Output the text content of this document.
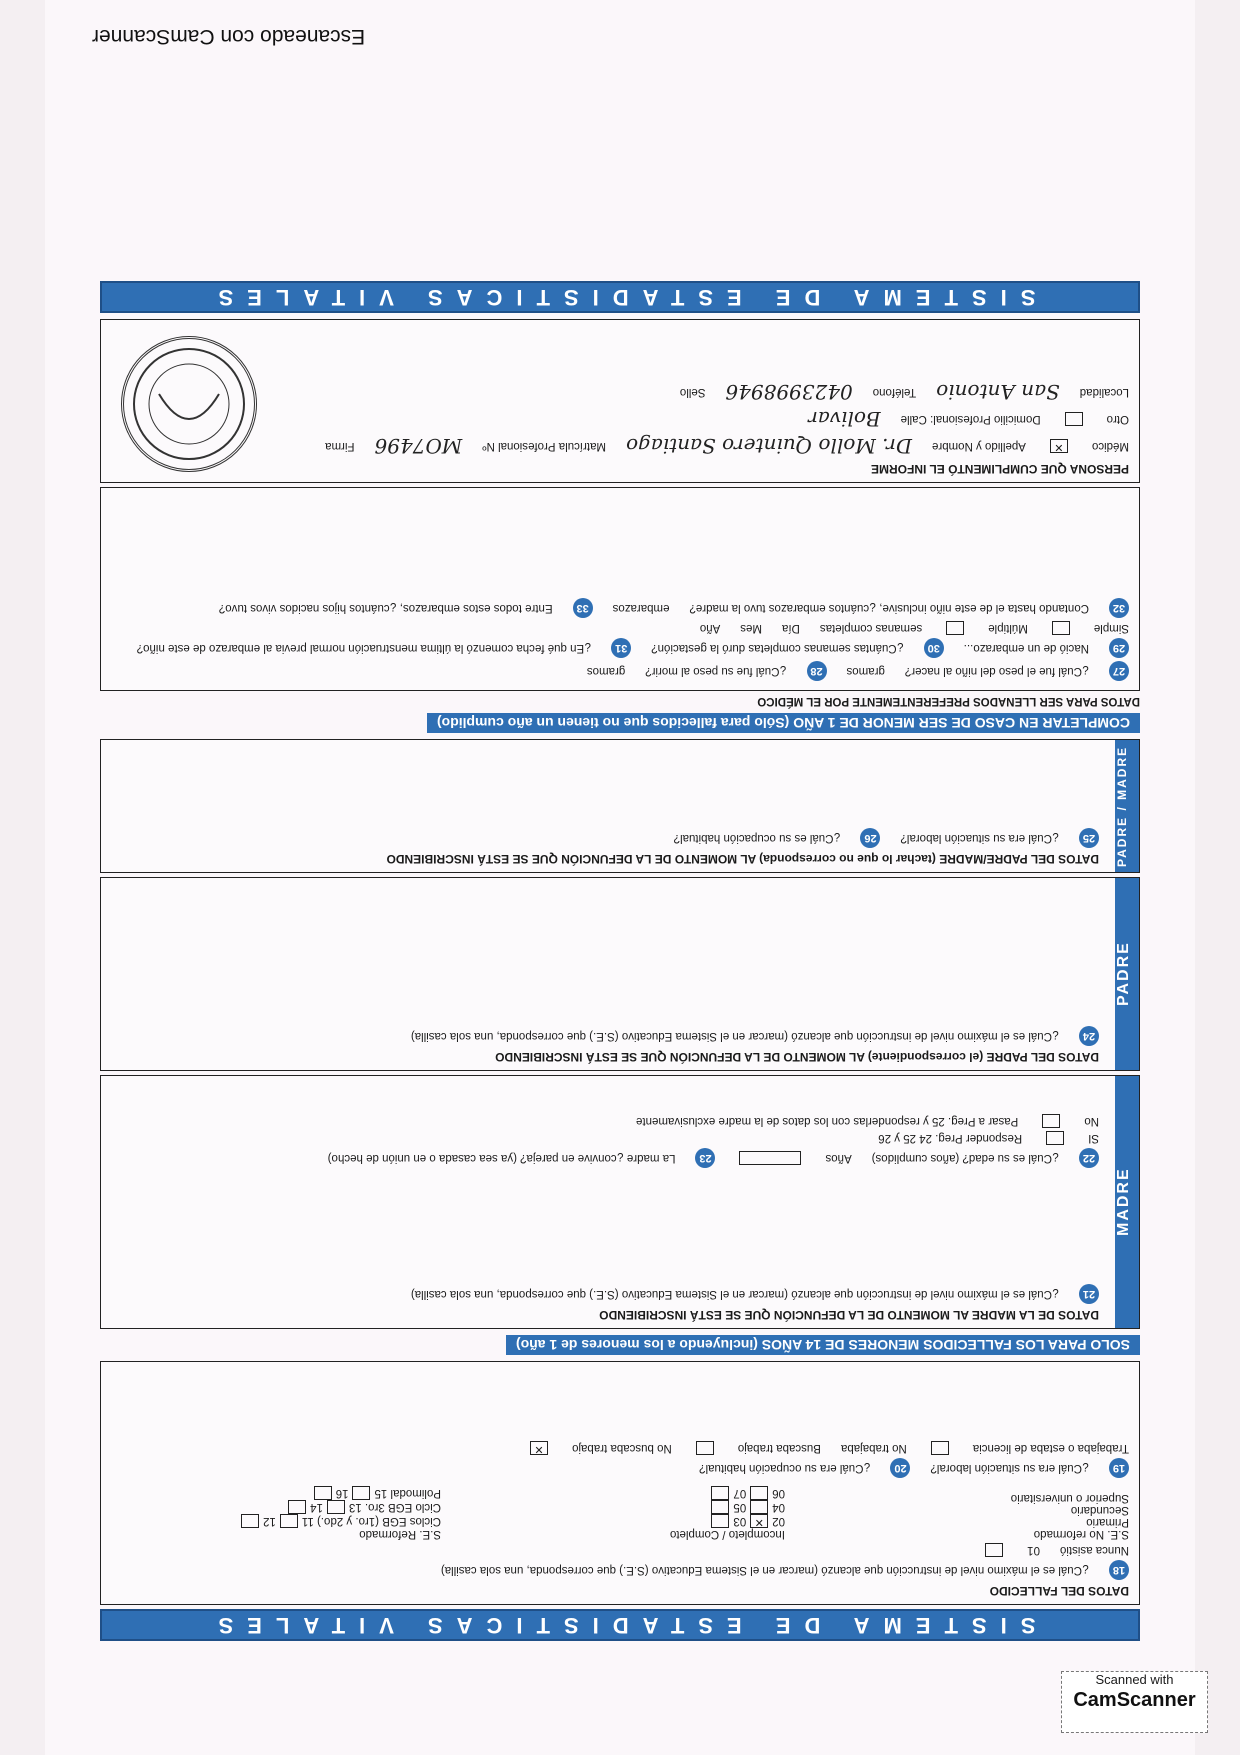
Escaneado con CamScanner
SISTEMA DE ESTADISTICAS VITALES
DATOS DEL FALLECIDO
18
¿Cuál es el máximo nivel de instrucción que alcanzó (marcar en el Sistema Educativo (S.E.) que corresponda, una sola casilla)
Nunca asistió
01
S.E. No reformado
Primario
Secundario
Superior o universitario
Incompleto / Completo
02✕03
0405
0607
S.E. Reformado
Ciclos EGB (1ro. y 2do.) 1112
Ciclo EGB 3ro. 1314
Polimodal 1516
19
¿Cuál era su situación laboral?
20
¿Cuál era su ocupación habitual?
Trabajaba o estaba de licencia
No trabajaba
Buscaba trabajo
No buscaba trabajo
✕
SOLO PARA LOS FALLECIDOS MENORES DE 14 AÑOS (incluyendo a los menores de 1 año)
MADRE
DATOS DE LA MADRE AL MOMENTO DE LA DEFUNCIÓN QUE SE ESTÁ INSCRIBIENDO
21
¿Cuál es el máximo nivel de instrucción que alcanzó (marcar en el Sistema Educativo (S.E.) que corresponda, una sola casilla)
22
¿Cuál es su edad? (años cumplidos)
Años
23
La madre ¿convive en pareja? (ya sea casada o en unión de hecho)
SI
Responder Preg. 24 25 y 26
No
Pasar a Preg. 25 y responderlas con los datos de la madre exclusivamente
PADRE
DATOS DEL PADRE (el correspondiente) AL MOMENTO DE LA DEFUNCIÓN QUE SE ESTÁ INSCRIBIENDO
24
¿Cuál es el máximo nivel de instrucción que alcanzó (marcar en el Sistema Educativo (S.E.) que corresponda, una sola casilla)
PADRE / MADRE
DATOS DEL PADRE/MADRE (tachar lo que no corresponda) AL MOMENTO DE LA DEFUNCIÓN QUE SE ESTÁ INSCRIBIENDO
25
¿Cuál era su situación laboral?
26
¿Cuál es su ocupación habitual?
COMPLETAR EN CASO DE SER MENOR DE 1 AÑO (Sólo para fallecidos que no tienen un año cumplido)
DATOS PARA SER LLENADOS PREFERENTEMENTE POR EL MÉDICO
27
¿Cuál fue el peso del niño al nacer?
gramos
28
¿Cuál fue su peso al morir?
gramos
29
Nació de un embarazo...
30
¿Cuántas semanas completas duró la gestación?
31
¿En qué fecha comenzó la última menstruación normal previa al embarazo de este niño?
Simple
Múltiple
semanas completas
Día
Mes
Año
32
Contando hasta el de este niño inclusive, ¿cuántos embarazos tuvo la madre?
embarazos
33
Entre todos estos embarazos, ¿cuántos hijos nacidos vivos tuvo?
PERSONA QUE CUMPLIMENTÓ EL INFORME
Médico
✕
Apellido y Nombre
Dr. Mollo Quintero Santiago
Matrícula Profesional Nº
MO7496
Firma
Otro
Domicilio Profesional: Calle
Bolivar
Localidad
San Antonio
Teléfono
0423998946
Sello
SISTEMA DE ESTADISTICAS VITALES
Scanned with
CamScanner
